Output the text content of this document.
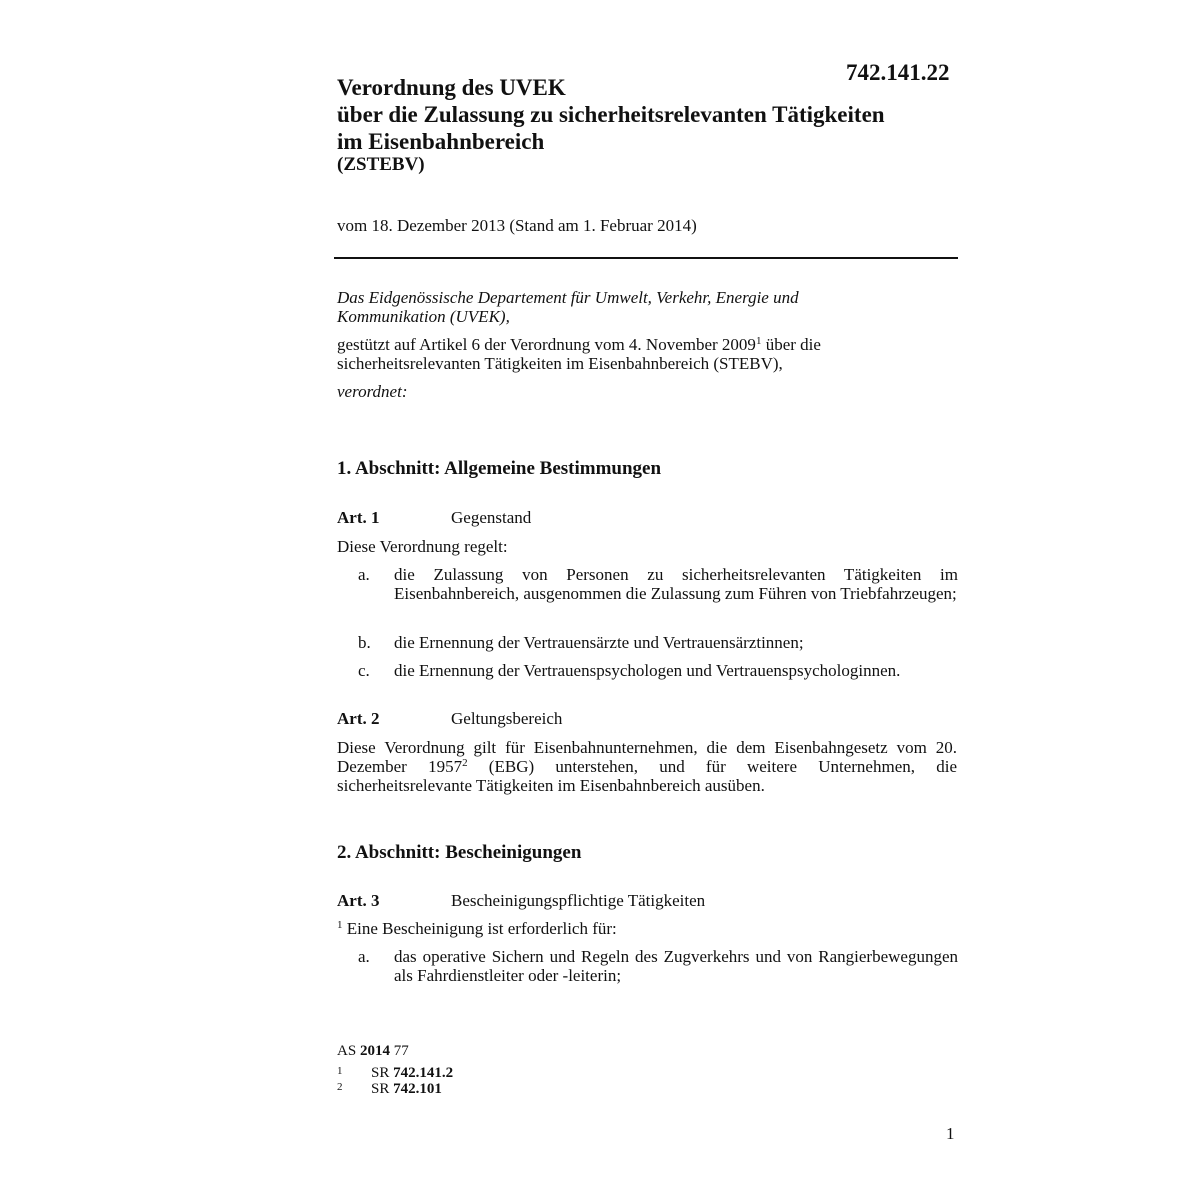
742.141.22
Verordnung des UVEK
über die Zulassung zu sicherheitsrelevanten Tätigkeiten
im Eisenbahnbereich
(ZSTEBV)
vom 18. Dezember 2013 (Stand am 1. Februar 2014)
Das Eidgenössische Departement für Umwelt, Verkehr, Energie und
Kommunikation (UVEK),
gestützt auf Artikel 6 der Verordnung vom 4. November 2009$^1$ über die
sicherheitsrelevanten Tätigkeiten im Eisenbahnbereich (STEBV),
verordnet:
1. Abschnitt: Allgemeine Bestimmungen
Art. 1	Gegenstand
Diese Verordnung regelt:
a. die Zulassung von Personen zu sicherheitsrelevanten Tätigkeiten im Eisenbahnbereich, ausgenommen die Zulassung zum Führen von Triebfahrzeugen;
b. die Ernennung der Vertrauensärzte und Vertrauensärztinnen;
c. die Ernennung der Vertrauenspsychologen und Vertrauenspsychologinnen.
Art. 2	Geltungsbereich
Diese Verordnung gilt für Eisenbahnunternehmen, die dem Eisenbahngesetz vom 20. Dezember 1957$^2$ (EBG) unterstehen, und für weitere Unternehmen, die sicherheitsrelevante Tätigkeiten im Eisenbahnbereich ausüben.
2. Abschnitt: Bescheinigungen
Art. 3	Bescheinigungspflichtige Tätigkeiten
$^1$ Eine Bescheinigung ist erforderlich für:
a. das operative Sichern und Regeln des Zugverkehrs und von Rangierbewegungen als Fahrdienstleiter oder -leiterin;
AS 2014 77
1 SR 742.141.2
2 SR 742.101
1
